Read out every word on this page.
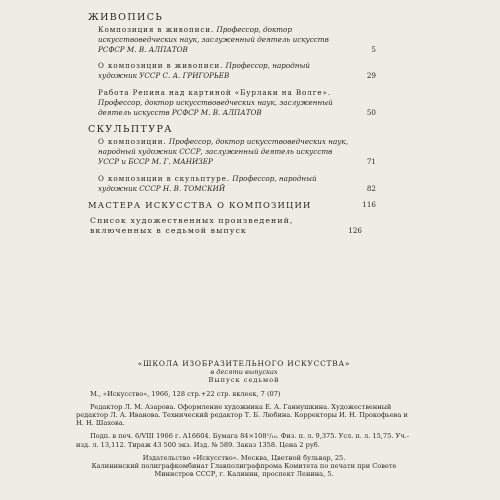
ЖИВОПИСЬ
Композиция в живописи. Профессор, доктор искусствоведческих наук, заслуженный деятель искусств РСФСР М. В. АЛПАТОВ	5
О композиции в живописи. Профессор, народный художник УССР С. А. ГРИГОРЬЕВ	29
Работа Репина над картиной «Бурлаки на Волге». Профессор, доктор искусствоведческих наук, заслуженный деятель искусств РСФСР М. В. АЛПАТОВ	50
СКУЛЬПТУРА
О композиции. Профессор, доктор искусствоведческих наук, народный художник СССР, заслуженный деятель искусств УССР и БССР М. Г. МАНИЗЕР	71
О композиции в скульптуре. Профессор, народный художник СССР Н. В. ТОМСКИЙ	82
МАСТЕРА ИСКУССТВА О КОМПОЗИЦИИ	116
Список художественных произведений, включенных в седьмой выпуск	126
«ШКОЛА ИЗОБРАЗИТЕЛЬНОГО ИСКУССТВА»
в десяти выпусках
Выпуск седьмой
М., «Искусство», 1966, 128 стр.+22 стр. вклеек, 7 (07)
Редактор Л. М. Азарова. Оформление художника Е. А. Ганнушкина. Художественный редактор Л. А. Иванова. Технический редактор Т. Б. Любина. Корректоры И. Н. Прокофьева и Н. Н. Шахова.
Подп. в печ. 6/VIII 1966 г. А16604. Бумага 84×108¹/₁₆. Физ. п. л. 9,375. Усл. п. л. 15,75. Уч.-изд. л. 13,112. Тираж 43 500 экз. Изд. № 589. Заказ 1358. Цена 2 руб.
Издательство «Искусство». Москва, Цветной бульвар, 25.
Калининский полиграфкомбинат Главполиграфпрома Комитета по печати при Совете Министров СССР, г. Калинин, проспект Ленина, 5.
